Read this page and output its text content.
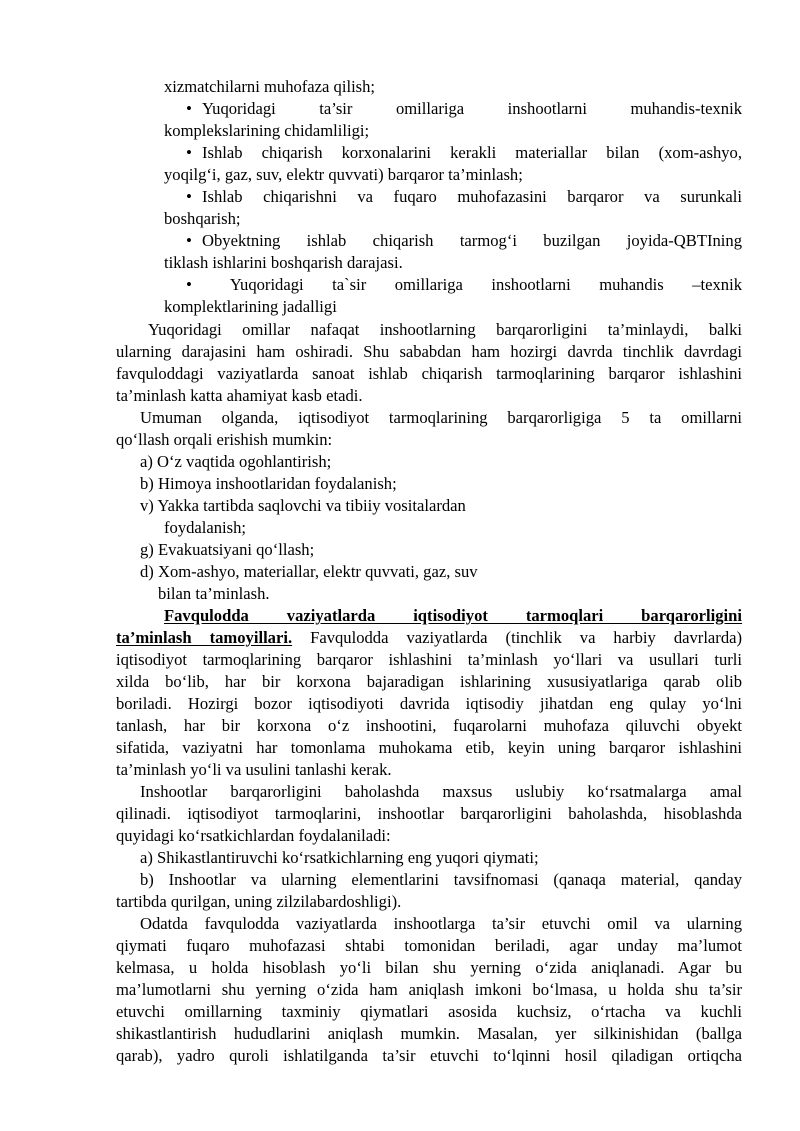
xizmatchilarni muhofaza qilish;
• Yuqoridagi ta’sir omillariga inshootlarni muhandis-texnik
komplekslarining chidamliligi;
• Ishlab chiqarish korxonalarini kerakli materiallar bilan (xom-ashyo,
yoqilg‘i, gaz, suv, elektr quvvati) barqaror ta’minlash;
• Ishlab chiqarishni va fuqaro muhofazasini barqaror va surunkali
boshqarish;
• Obyektning ishlab chiqarish tarmog‘i buzilgan joyida-QBTIning
tiklash ishlarini boshqarish darajasi.
• Yuqoridagi ta`sir omillariga inshootlarni muhandis –texnik
komplektlarining jadalligi
Yuqoridagi omillar nafaqat inshootlarning barqarorligini ta’minlaydi, balki
ularning darajasini ham oshiradi. Shu sababdan ham hozirgi davrda tinchlik davrdagi
favquloddagi vaziyatlarda sanoat ishlab chiqarish tarmoqlarining barqaror ishlashini
ta’minlash katta ahamiyat kasb etadi.
Umuman olganda, iqtisodiyot tarmoqlarining barqarorligiga 5 ta omillarni
qo‘llash orqali erishish mumkin:
a) O‘z vaqtida ogohlantirish;
b) Himoya inshootlaridan foydalanish;
v) Yakka tartibda saqlovchi va tibiiy vositalardan
foydalanish;
g) Evakuatsiyani qo‘llash;
d) Xom-ashyo, materiallar, elektr quvvati, gaz, suv
bilan ta’minlash.
Favqulodda vaziyatlarda iqtisodiyot tarmoqlari barqarorligini
ta’minlash tamoyillari. Favqulodda vaziyatlarda (tinchlik va harbiy davrlarda)
iqtisodiyot tarmoqlarining barqaror ishlashini ta’minlash yo‘llari va usullari turli
xilda bo‘lib, har bir korxona bajaradigan ishlarining xususiyatlariga qarab olib
boriladi. Hozirgi bozor iqtisodiyoti davrida iqtisodiy jihatdan eng qulay yo‘lni
tanlash, har bir korxona o‘z inshootini, fuqarolarni muhofaza qiluvchi obyekt
sifatida, vaziyatni har tomonlama muhokama etib, keyin uning barqaror ishlashini
ta’minlash yo‘li va usulini tanlashi kerak.
Inshootlar barqarorligini baholashda maxsus uslubiy ko‘rsatmalarga amal
qilinadi. iqtisodiyot tarmoqlarini, inshootlar barqarorligini baholashda, hisoblashda
quyidagi ko‘rsatkichlardan foydalaniladi:
a) Shikastlantiruvchi ko‘rsatkichlarning eng yuqori qiymati;
b) Inshootlar va ularning elementlarini tavsifnomasi (qanaqa material, qanday
tartibda qurilgan, uning zilzilabardoshligi).
Odatda favqulodda vaziyatlarda inshootlarga ta’sir etuvchi omil va ularning
qiymati fuqaro muhofazasi shtabi tomonidan beriladi, agar unday ma’lumot
kelmasa, u holda hisoblash yo‘li bilan shu yerning o‘zida aniqlanadi. Agar bu
ma’lumotlarni shu yerning o‘zida ham aniqlash imkoni bo‘lmasa, u holda shu ta’sir
etuvchi omillarning taxminiy qiymatlari asosida kuchsiz, o‘rtacha va kuchli
shikastlantirish hududlarini aniqlash mumkin. Masalan, yer silkinishidan (ballga
qarab), yadro quroli ishlatilganda ta’sir etuvchi to‘lqinni hosil qiladigan ortiqcha
